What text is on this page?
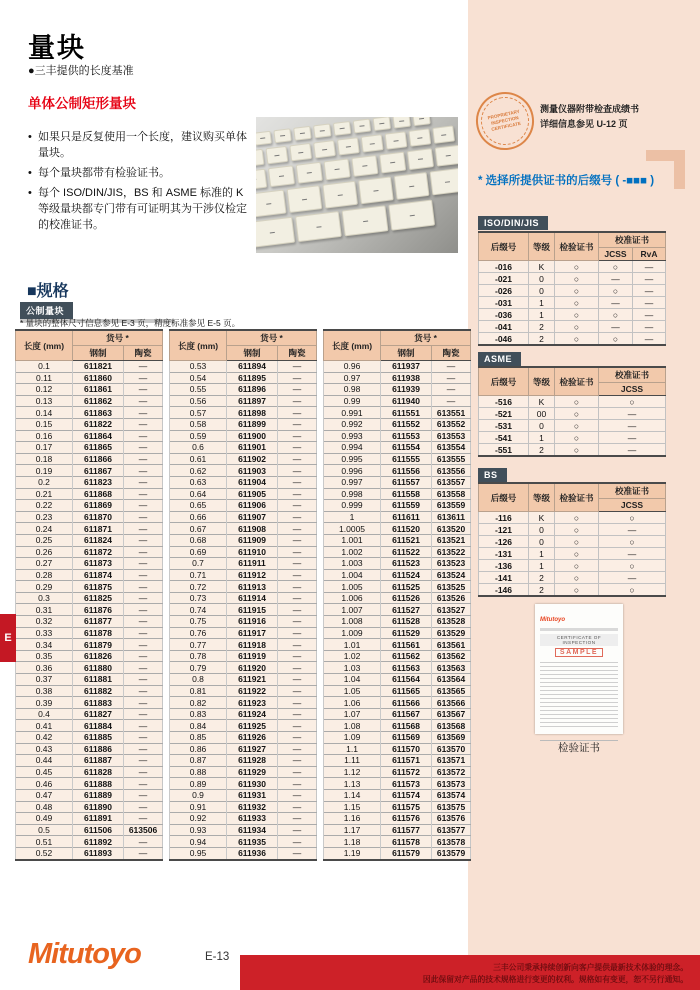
PROPRIETARY INSPECTION CERTIFICATE
测量仪器附带检查成绩书
详细信息参见 U-12 页
* 选择所提供证书的后缀号 ( -■■■ )
ISO/DIN/JIS
后缀号	等级	检验证书	校准证书	
			JCSS	RvA
-016	K	○	○	—
-021	0	○	—	—
-026	0	○	○	—
-031	1	○	—	—
-036	1	○	○	—
-041	2	○	—	—
-046	2	○	○	—
ASME
后缀号	等级	检验证书	校准证书
			JCSS
-516	K	○	○
-521	00	○	—
-531	0	○	—
-541	1	○	—
-551	2	○	—
BS
后缀号	等级	检验证书	校准证书
			JCSS
-116	K	○	○
-121	0	○	—
-126	0	○	○
-131	1	○	—
-136	1	○	○
-141	2	○	—
-146	2	○	○
Mitutoyo
CERTIFICATE OF INSPECTION
SAMPLE
检验证书
量块
●三丰提供的长度基准
单体公制矩形量块
• 如果只是反复使用一个长度，建议购买单体量块。
• 每个量块都带有检验证书。
• 每个 ISO/DIN/JIS，BS 和 ASME 标准的 K 等级量块都专门带有可证明其为干涉仪检定的校准证书。
■规格
公制量块
* 量块的整体尺寸信息参见 E-3 页，精度标准参见 E-5 页。
长度 (mm)	货号 *	
	钢制	陶瓷
0.1	611821	—
0.11	611860	—
0.12	611861	—
0.13	611862	—
0.14	611863	—
0.15	611822	—
0.16	611864	—
0.17	611865	—
0.18	611866	—
0.19	611867	—
0.2	611823	—
0.21	611868	—
0.22	611869	—
0.23	611870	—
0.24	611871	—
0.25	611824	—
0.26	611872	—
0.27	611873	—
0.28	611874	—
0.29	611875	—
0.3	611825	—
0.31	611876	—
0.32	611877	—
0.33	611878	—
0.34	611879	—
0.35	611826	—
0.36	611880	—
0.37	611881	—
0.38	611882	—
0.39	611883	—
0.4	611827	—
0.41	611884	—
0.42	611885	—
0.43	611886	—
0.44	611887	—
0.45	611828	—
0.46	611888	—
0.47	611889	—
0.48	611890	—
0.49	611891	—
0.5	611506	613506
0.51	611892	—
0.52	611893	—
长度 (mm)	货号 *	
	钢制	陶瓷
0.53	611894	—
0.54	611895	—
0.55	611896	—
0.56	611897	—
0.57	611898	—
0.58	611899	—
0.59	611900	—
0.6	611901	—
0.61	611902	—
0.62	611903	—
0.63	611904	—
0.64	611905	—
0.65	611906	—
0.66	611907	—
0.67	611908	—
0.68	611909	—
0.69	611910	—
0.7	611911	—
0.71	611912	—
0.72	611913	—
0.73	611914	—
0.74	611915	—
0.75	611916	—
0.76	611917	—
0.77	611918	—
0.78	611919	—
0.79	611920	—
0.8	611921	—
0.81	611922	—
0.82	611923	—
0.83	611924	—
0.84	611925	—
0.85	611926	—
0.86	611927	—
0.87	611928	—
0.88	611929	—
0.89	611930	—
0.9	611931	—
0.91	611932	—
0.92	611933	—
0.93	611934	—
0.94	611935	—
0.95	611936	—
长度 (mm)	货号 *	
	钢制	陶瓷
0.96	611937	—
0.97	611938	—
0.98	611939	—
0.99	611940	—
0.991	611551	613551
0.992	611552	613552
0.993	611553	613553
0.994	611554	613554
0.995	611555	613555
0.996	611556	613556
0.997	611557	613557
0.998	611558	613558
0.999	611559	613559
1	611611	613611
1.0005	611520	613520
1.001	611521	613521
1.002	611522	613522
1.003	611523	613523
1.004	611524	613524
1.005	611525	613525
1.006	611526	613526
1.007	611527	613527
1.008	611528	613528
1.009	611529	613529
1.01	611561	613561
1.02	611562	613562
1.03	611563	613563
1.04	611564	613564
1.05	611565	613565
1.06	611566	613566
1.07	611567	613567
1.08	611568	613568
1.09	611569	613569
1.1	611570	613570
1.11	611571	613571
1.12	611572	613572
1.13	611573	613573
1.14	611574	613574
1.15	611575	613575
1.16	611576	613576
1.17	611577	613577
1.18	611578	613578
1.19	611579	613579
E
Mitutoyo	E-13
三丰公司秉承持续创新向客户提供最新技术体验的理念。
因此保留对产品的技术规格进行变更的权利。规格如有变更，恕不另行通知。
